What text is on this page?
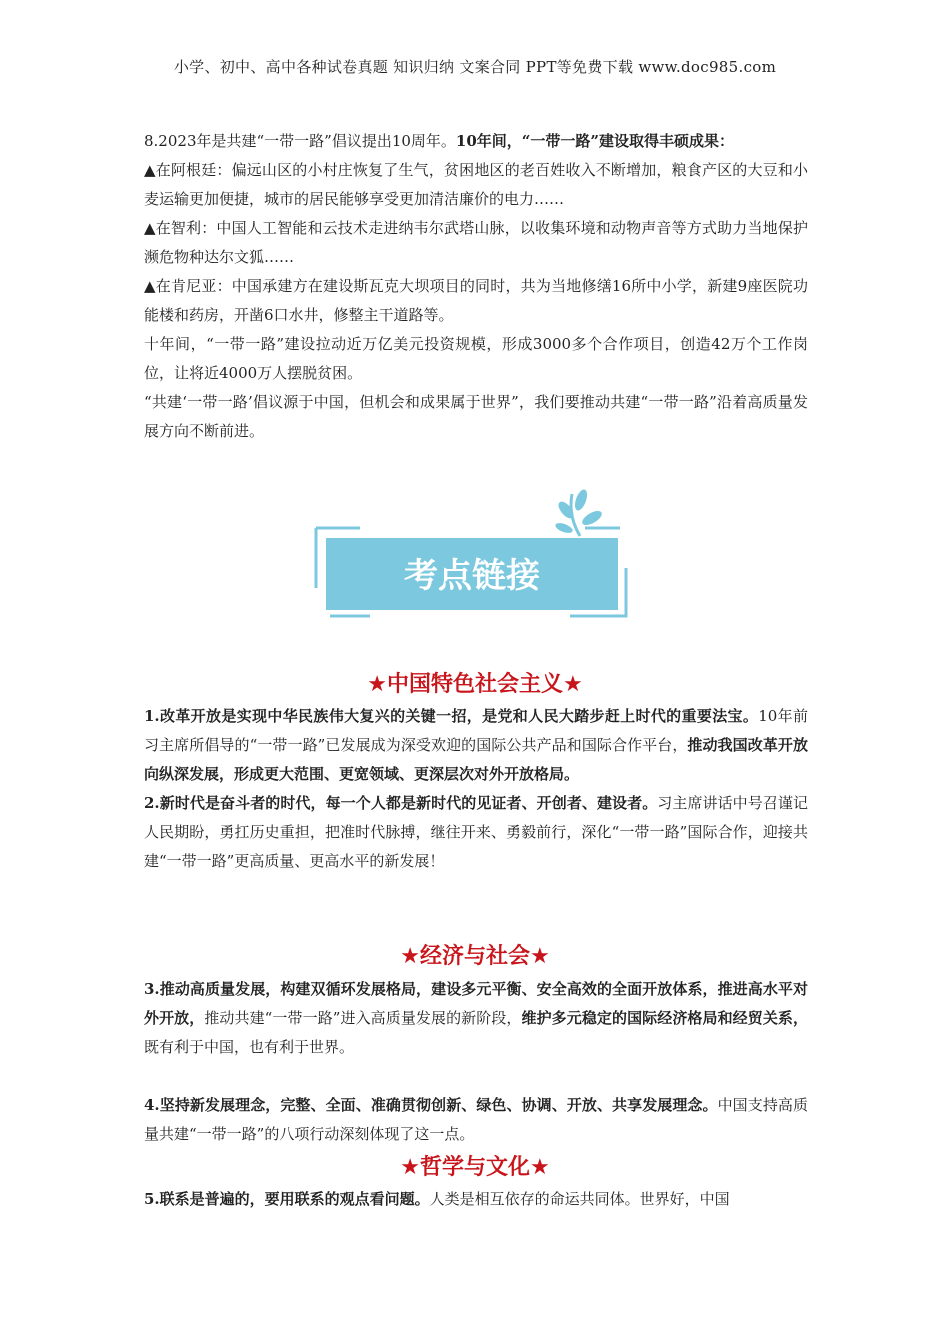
小学、初中、高中各种试卷真题 知识归纳 文案合同 PPT等免费下载 www.doc985.com

8.2023年是共建“一带一路”倡议提出10周年。10年间，“一带一路”建设取得丰硕成果：

▲在阿根廷：偏远山区的小村庄恢复了生气，贫困地区的老百姓收入不断增加，粮食产区的大豆和小麦运输更加便捷，城市的居民能够享受更加清洁廉价的电力……

▲在智利：中国人工智能和云技术走进纳韦尔武塔山脉，以收集环境和动物声音等方式助力当地保护濒危物种达尔文狐……

▲在肯尼亚：中国承建方在建设斯瓦克大坝项目的同时，共为当地修缮16所中小学，新建9座医院功能楼和药房，开凿6口水井，修整主干道路等。

十年间，“一带一路”建设拉动近万亿美元投资规模，形成3000多个合作项目，创造42万个工作岗位，让将近4000万人摆脱贫困。

“共建‘一带一路’倡议源于中国，但机会和成果属于世界”，我们要推动共建“一带一路”沿着高质量发展方向不断前进。

考点链接
★中国特色社会主义★

1.改革开放是实现中华民族伟大复兴的关键一招，是党和人民大踏步赶上时代的重要法宝。10年前习主席所倡导的“一带一路”已发展成为深受欢迎的国际公共产品和国际合作平台，推动我国改革开放向纵深发展，形成更大范围、更宽领域、更深层次对外开放格局。

2.新时代是奋斗者的时代，每一个人都是新时代的见证者、开创者、建设者。习主席讲话中号召谨记人民期盼，勇扛历史重担，把准时代脉搏，继往开来、勇毅前行，深化“一带一路”国际合作，迎接共建“一带一路”更高质量、更高水平的新发展！

★经济与社会★

3.推动高质量发展，构建双循环发展格局，建设多元平衡、安全高效的全面开放体系，推进高水平对外开放，推动共建“一带一路”进入高质量发展的新阶段，维护多元稳定的国际经济格局和经贸关系，既有利于中国，也有利于世界。

4.坚持新发展理念，完整、全面、准确贯彻创新、绿色、协调、开放、共享发展理念。中国支持高质量共建“一带一路”的八项行动深刻体现了这一点。

★哲学与文化★

5.联系是普遍的，要用联系的观点看问题。人类是相互依存的命运共同体。世界好，中国
